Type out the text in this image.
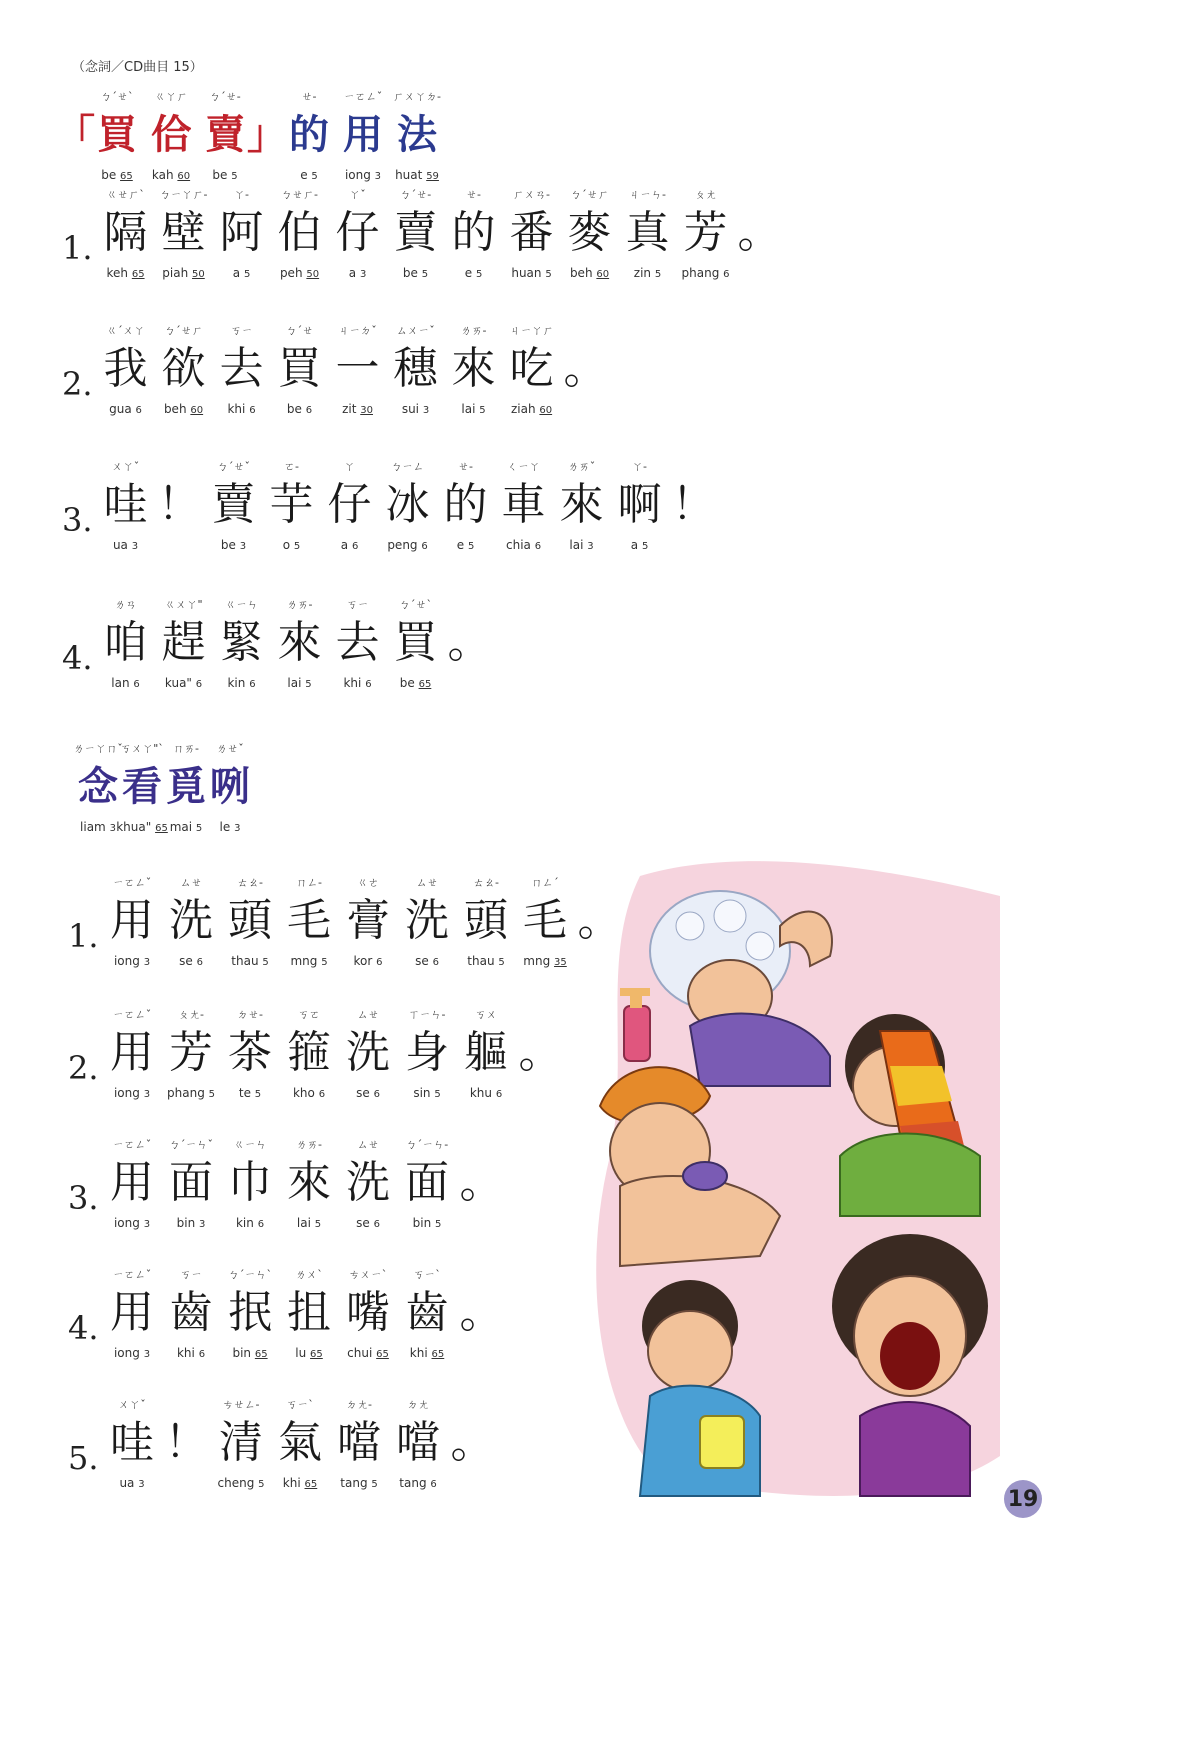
（念詞／CD曲目 15）
「
ㄅˊㄝˋ
買
be 65
ㄍㄚㄏ
佮
kah 60
ㄅˊㄝ-
賣
be 5
」
ㄝ-
的
e 5
ㄧㄛㄥˇ
用
iong 3
ㄏㄨㄚㄉ-
法
huat 59
1.
ㄍㄝㄏˋ
隔
keh 65
ㄅㄧㄚㄏ-
壁
piah 50
ㄚ-
阿
a 5
ㄅㄝㄏ-
伯
peh 50
ㄚˇ
仔
a 3
ㄅˊㄝ-
賣
be 5
ㄝ-
的
e 5
ㄏㄨㄢ-
番
huan 5
ㄅˊㄝㄏ
麥
beh 60
ㄐㄧㄣ-
真
zin 5
ㄆㄤ
芳
phang 6
。
2.
ㄍˊㄨㄚ
我
gua 6
ㄅˊㄝㄏ
欲
beh 60
ㄎㄧ
去
khi 6
ㄅˊㄝ
買
be 6
ㄐㄧㄉˇ
一
zit 30
ㄙㄨㄧˇ
穗
sui 3
ㄌㄞ-
來
lai 5
ㄐㄧㄚㄏ
吃
ziah 60
。
3.
ㄨㄚˇ
哇
ua 3
！
ㄅˊㄝˇ
賣
be 3
ㄛ-
芋
o 5
ㄚ
仔
a 6
ㄅㄧㄥ
冰
peng 6
ㄝ-
的
e 5
ㄑㄧㄚ
車
chia 6
ㄌㄞˇ
來
lai 3
ㄚ-
啊
a 5
！
4.
ㄌㄢ
咱
lan 6
ㄍㄨㄚ"
趕
kua" 6
ㄍㄧㄣ
緊
kin 6
ㄌㄞ-
來
lai 5
ㄎㄧ
去
khi 6
ㄅˊㄝˋ
買
be 65
。
ㄌㄧㄚㄇˇ
念
liam 3
ㄎㄨㄚ"ˋ
看
khua" 65
ㄇㄞ-
覓
mai 5
ㄌㄝˇ
咧
le 3
1.
ㄧㄛㄥˇ
用
iong 3
ㄙㄝ
洗
se 6
ㄊㄠ-
頭
thau 5
ㄇㄥ-
毛
mng 5
ㄍㄜ
膏
kor 6
ㄙㄝ
洗
se 6
ㄊㄠ-
頭
thau 5
ㄇㄥˊ
毛
mng 35
。
2.
ㄧㄛㄥˇ
用
iong 3
ㄆㄤ-
芳
phang 5
ㄉㄝ-
茶
te 5
ㄎㄛ
箍
kho 6
ㄙㄝ
洗
se 6
ㄒㄧㄣ-
身
sin 5
ㄎㄨ
軀
khu 6
。
3.
ㄧㄛㄥˇ
用
iong 3
ㄅˊㄧㄣˇ
面
bin 3
ㄍㄧㄣ
巾
kin 6
ㄌㄞ-
來
lai 5
ㄙㄝ
洗
se 6
ㄅˊㄧㄣ-
面
bin 5
。
4.
ㄧㄛㄥˇ
用
iong 3
ㄎㄧ
齒
khi 6
ㄅˊㄧㄣˋ
抿
bin 65
ㄌㄨˋ
抯
lu 65
ㄘㄨㄧˋ
嘴
chui 65
ㄎㄧˋ
齒
khi 65
。
5.
ㄨㄚˇ
哇
ua 3
！
ㄘㄝㄥ-
清
cheng 5
ㄎㄧˋ
氣
khi 65
ㄉㄤ-
噹
tang 5
ㄉㄤ
噹
tang 6
。
19
